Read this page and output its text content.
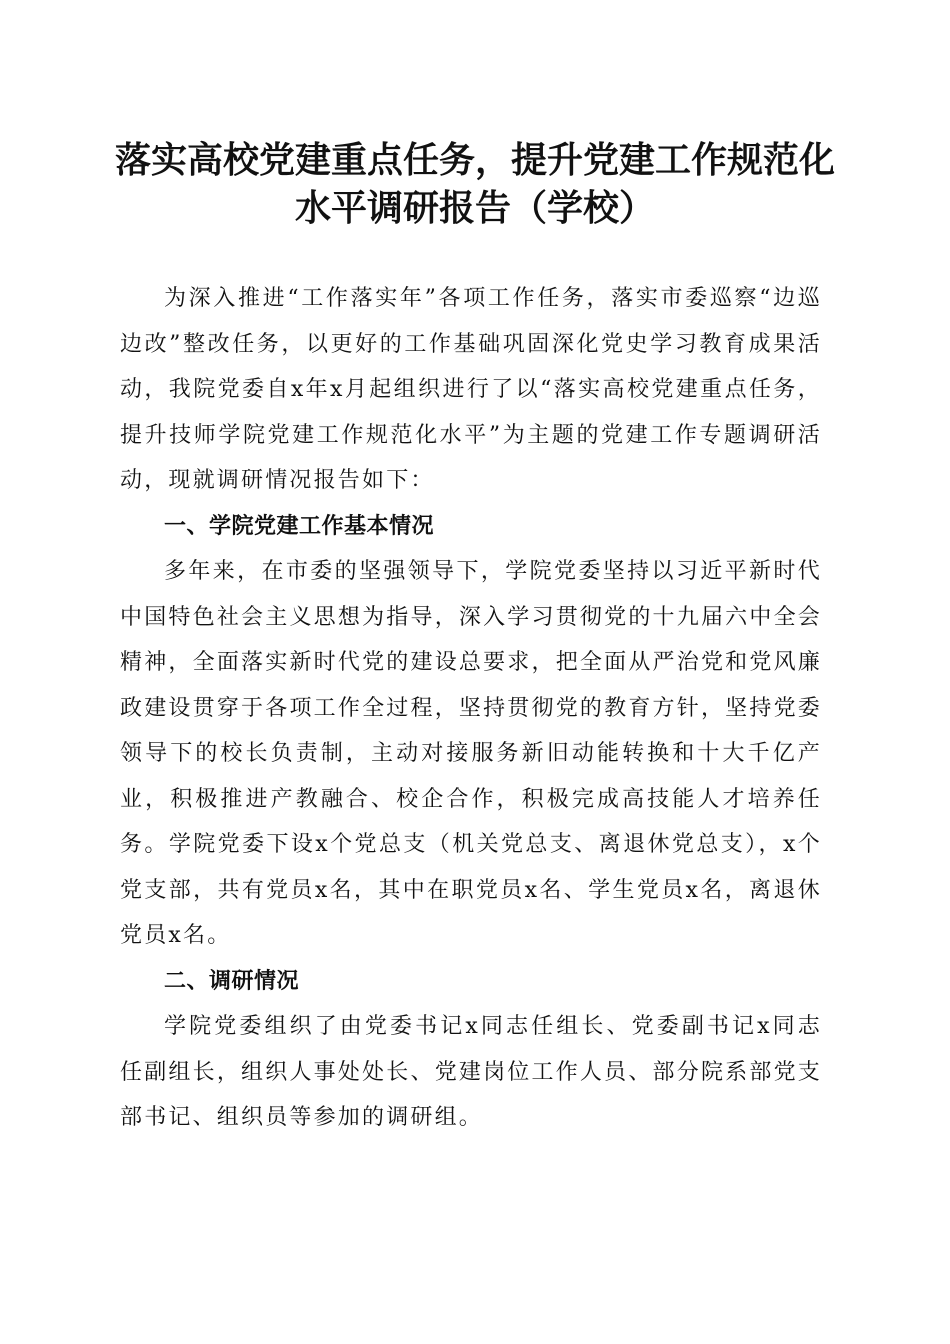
落实高校党建重点任务，提升党建工作规范化
水平调研报告（学校）

为深入推进“工作落实年”各项工作任务，落实市委巡察“边巡边改”整改任务，以更好的工作基础巩固深化党史学习教育成果活动，我院党委自x年x月起组织进行了以“落实高校党建重点任务，提升技师学院党建工作规范化水平”为主题的党建工作专题调研活动，现就调研情况报告如下：

一、学院党建工作基本情况

多年来，在市委的坚强领导下，学院党委坚持以习近平新时代中国特色社会主义思想为指导，深入学习贯彻党的十九届六中全会精神，全面落实新时代党的建设总要求，把全面从严治党和党风廉政建设贯穿于各项工作全过程，坚持贯彻党的教育方针，坚持党委领导下的校长负责制，主动对接服务新旧动能转换和十大千亿产业，积极推进产教融合、校企合作，积极完成高技能人才培养任务。学院党委下设x个党总支（机关党总支、离退休党总支），x个党支部，共有党员x名，其中在职党员x名、学生党员x名，离退休党员x名。

二、调研情况

学院党委组织了由党委书记x同志任组长、党委副书记x同志任副组长，组织人事处处长、党建岗位工作人员、部分院系部党支部书记、组织员等参加的调研组。
